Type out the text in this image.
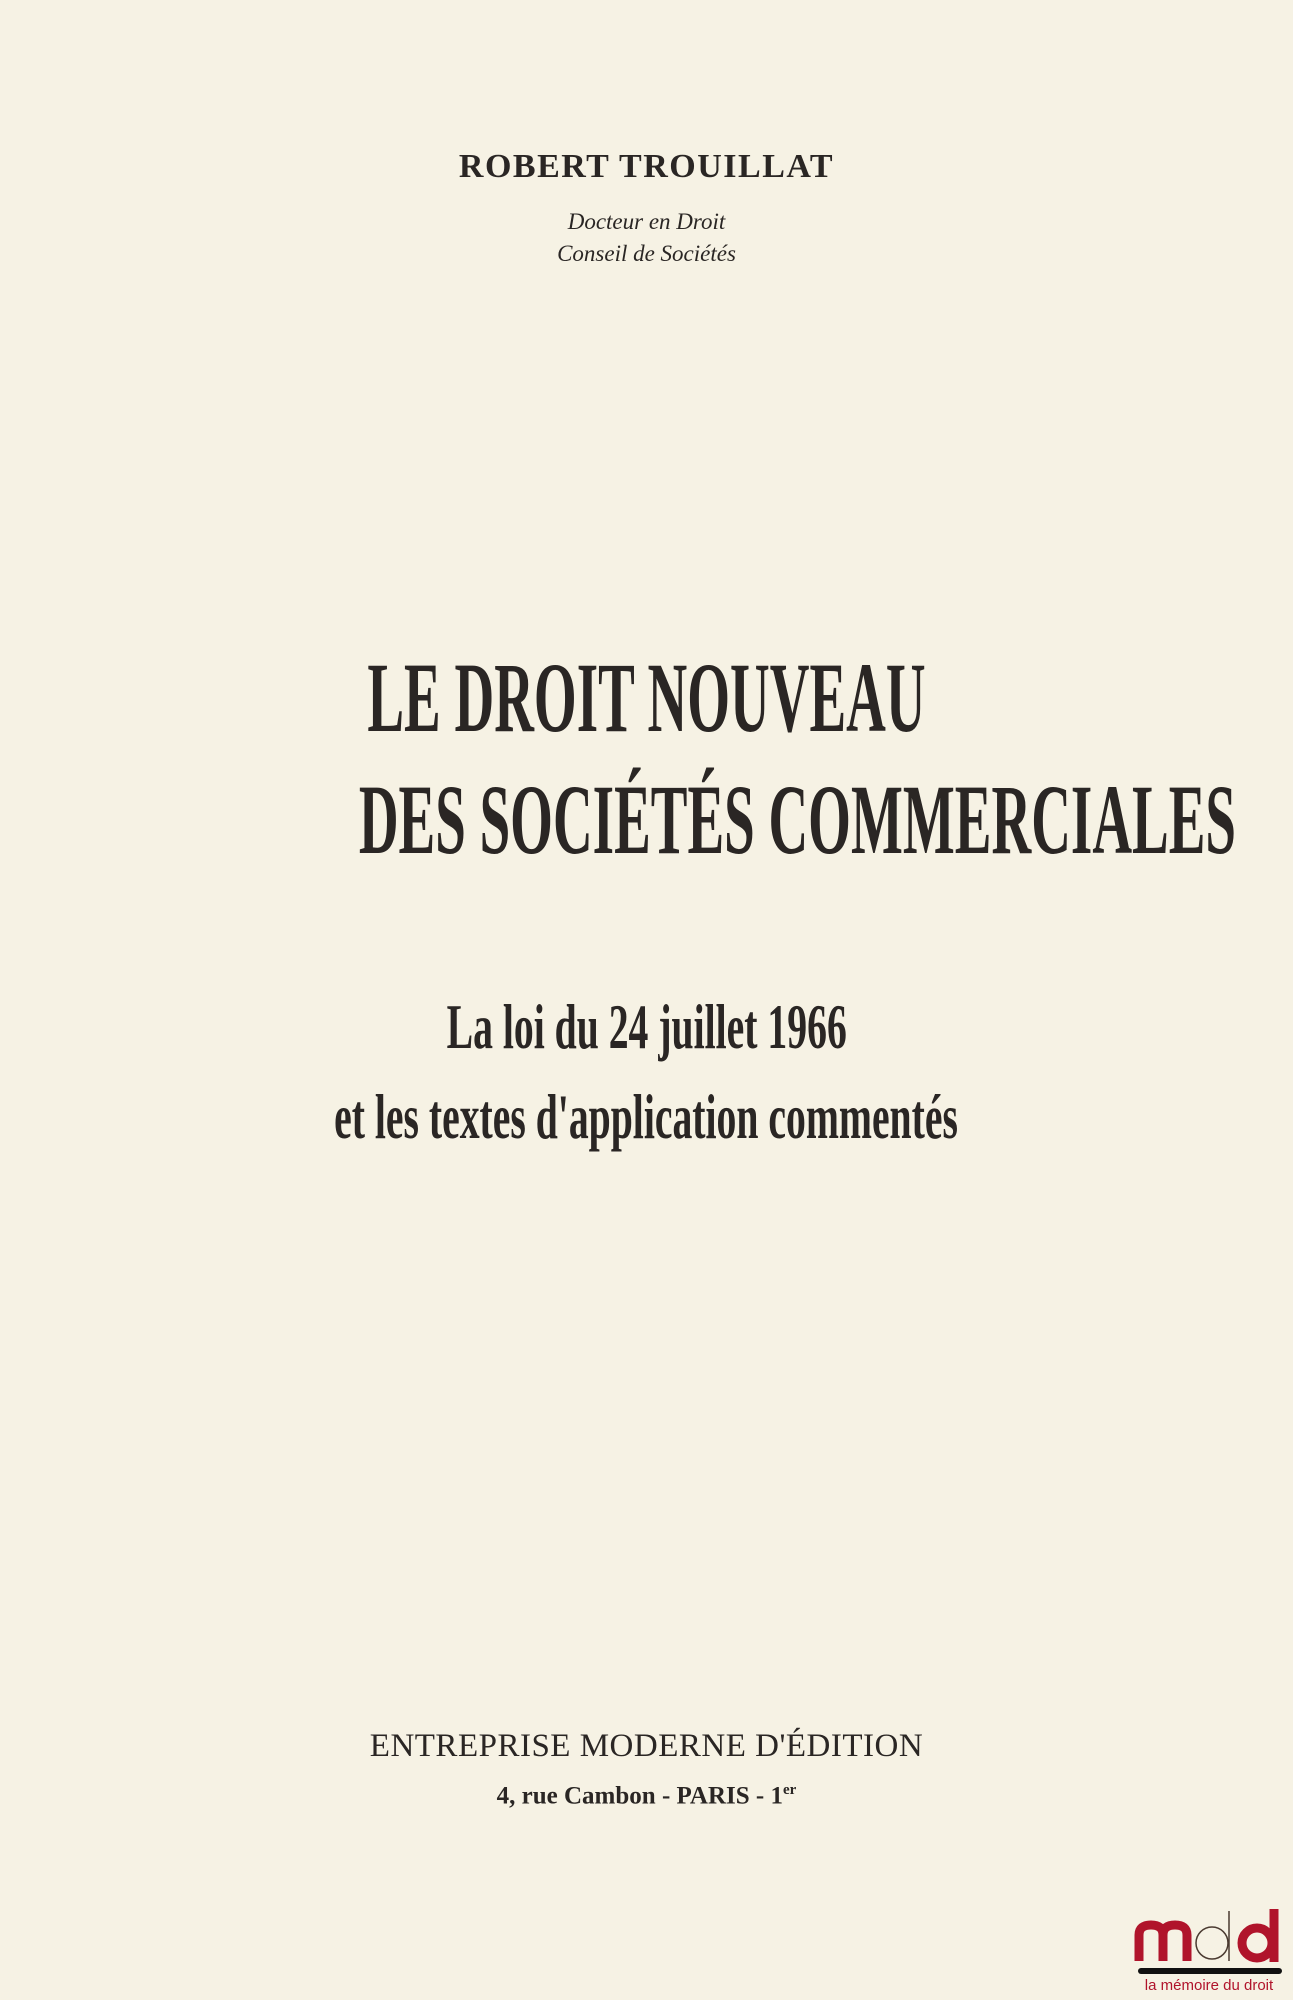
ROBERT TROUILLAT
Docteur en Droit
Conseil de Sociétés
LE DROIT NOUVEAU
DES SOCIÉTÉS COMMERCIALES
La loi du 24 juillet 1966
et les textes d'application commentés
ENTREPRISE MODERNE D'ÉDITION
4, rue Cambon - PARIS - 1er
la mémoire du droit
